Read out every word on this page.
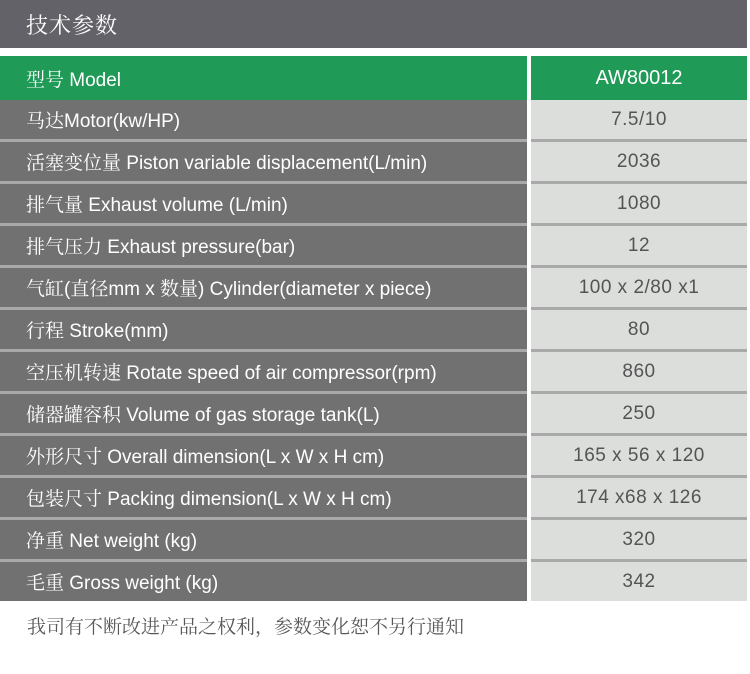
技术参数
型号 Model	AW80012
马达Motor(kw/HP)	7.5/10
活塞变位量 Piston variable displacement(L/min)	2036
排气量 Exhaust volume (L/min)	1080
排气压力 Exhaust pressure(bar)	12
气缸(直径mm x 数量) Cylinder(diameter x piece)	100 x 2/80 x1
行程 Stroke(mm)	80
空压机转速 Rotate speed of air compressor(rpm)	860
储器罐容积 Volume of gas storage tank(L)	250
外形尺寸 Overall dimension(L x W x H cm)	165 x 56 x 120
包装尺寸 Packing dimension(L x W x H cm)	174 x68 x 126
净重 Net weight (kg)	320
毛重 Gross weight (kg)	342
我司有不断改进产品之权利，参数变化恕不另行通知
